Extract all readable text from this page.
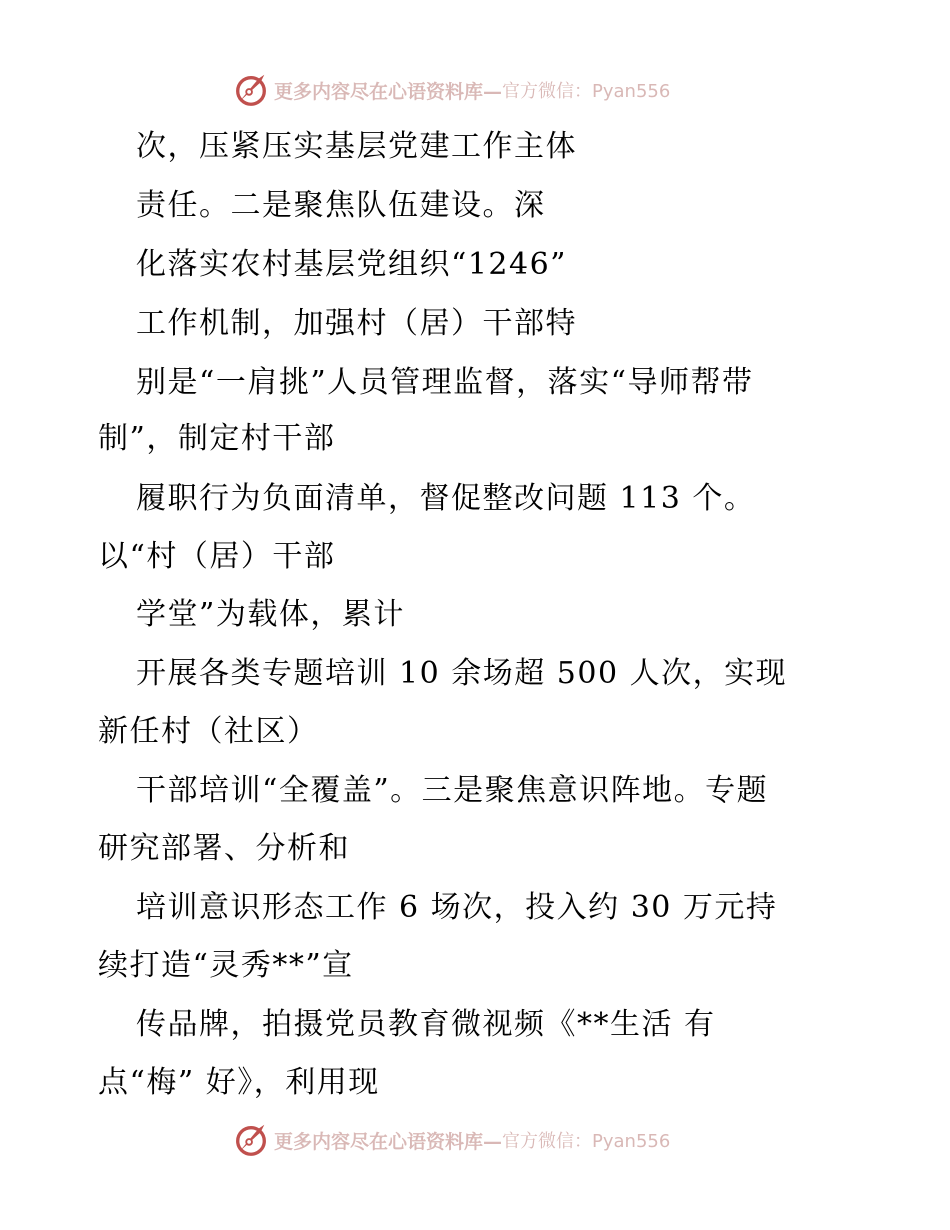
更多内容尽在心语资料库— 官方微信：Pyan556
次，压紧压实基层党建工作主体
责任。二是聚焦队伍建设。深
化落实农村基层党组织“1246”
工作机制，加强村（居）干部特
别是“一肩挑”人员管理监督，落实“导师帮带
制”，制定村干部
履职行为负面清单，督促整改问题 113 个。
以“村（居）干部
学堂”为载体，累计
开展各类专题培训 10 余场超 500 人次，实现
新任村（社区）
干部培训“全覆盖”。三是聚焦意识阵地。专题
研究部署、分析和
培训意识形态工作 6 场次，投入约 30 万元持
续打造“灵秀**”宣
传品牌，拍摄党员教育微视频《**生活 有
点“梅” 好》，利用现
更多内容尽在心语资料库— 官方微信：Pyan556
